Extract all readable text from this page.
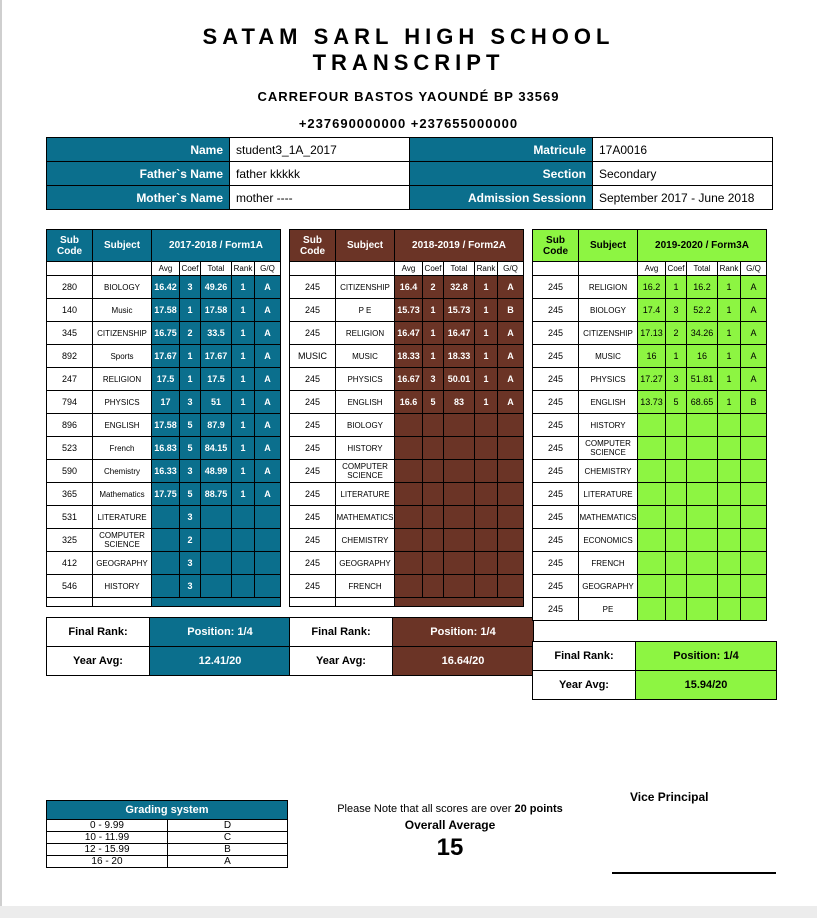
SATAM SARL HIGH SCHOOL
TRANSCRIPT
CARREFOUR BASTOS YAOUNDÉ BP 33569
+237690000000 +237655000000
Name	student3_1A_2017	Matricule	17A0016
Father`s Name	father kkkkk	Section	Secondary
Mother`s Name	mother ----	Admission Sessionn	September 2017 - June 2018
Sub Code	Subject	2017-2018 / Form1A				
		Avg	Coef	Total	Rank	G/Q
280	BIOLOGY	16.42	3	49.26	1	A
140	Music	17.58	1	17.58	1	A
345	CITIZENSHIP	16.75	2	33.5	1	A
892	Sports	17.67	1	17.67	1	A
247	RELIGION	17.5	1	17.5	1	A
794	PHYSICS	17	3	51	1	A
896	ENGLISH	17.58	5	87.9	1	A
523	French	16.83	5	84.15	1	A
590	Chemistry	16.33	3	48.99	1	A
365	Mathematics	17.75	5	88.75	1	A
531	LITERATURE		3			
325	COMPUTER SCIENCE		2			
412	GEOGRAPHY		3			
546	HISTORY		3			

Final Rank:	Position: 1/4
Year Avg:	12.41/20
Sub Code	Subject	2018-2019 / Form2A				
		Avg	Coef	Total	Rank	G/Q
245	CITIZENSHIP	16.4	2	32.8	1	A
245	P E	15.73	1	15.73	1	B
245	RELIGION	16.47	1	16.47	1	A
MUSIC	MUSIC	18.33	1	18.33	1	A
245	PHYSICS	16.67	3	50.01	1	A
245	ENGLISH	16.6	5	83	1	A
245	BIOLOGY					
245	HISTORY					
245	COMPUTER SCIENCE					
245	LITERATURE					
245	MATHEMATICS					
245	CHEMISTRY					
245	GEOGRAPHY					
245	FRENCH					

Final Rank:	Position: 1/4
Year Avg:	16.64/20
Sub Code	Subject	2019-2020 / Form3A				
		Avg	Coef	Total	Rank	G/Q
245	RELIGION	16.2	1	16.2	1	A
245	BIOLOGY	17.4	3	52.2	1	A
245	CITIZENSHIP	17.13	2	34.26	1	A
245	MUSIC	16	1	16	1	A
245	PHYSICS	17.27	3	51.81	1	A
245	ENGLISH	13.73	5	68.65	1	B
245	HISTORY					
245	COMPUTER SCIENCE					
245	CHEMISTRY					
245	LITERATURE					
245	MATHEMATICS					
245	ECONOMICS					
245	FRENCH					
245	GEOGRAPHY					
245	PE					
Final Rank:	Position: 1/4
Year Avg:	15.94/20
Grading system	
0 - 9.99	D
10 - 11.99	C
12 - 15.99	B
16 - 20	A
Please Note that all scores are over 20 points
Overall Average
15
Vice Principal
